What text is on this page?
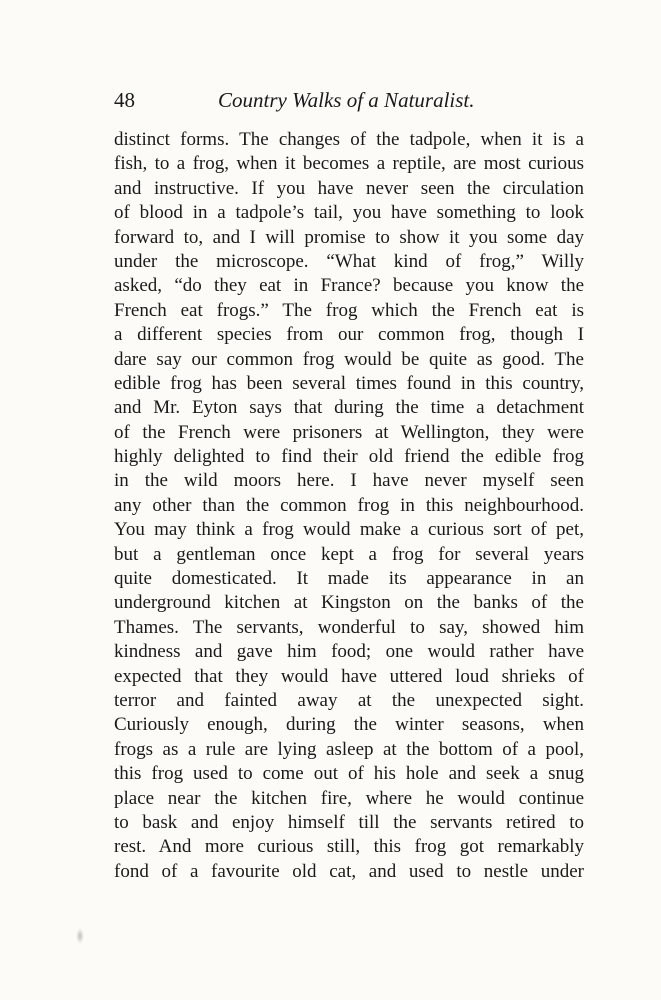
48	Country Walks of a Naturalist.
distinct forms. The changes of the tadpole, when it is a
fish, to a frog, when it becomes a reptile, are most curious
and instructive. If you have never seen the circulation
of blood in a tadpole’s tail, you have something to look
forward to, and I will promise to show it you some day
under the microscope. “What kind of frog,” Willy
asked, “do they eat in France? because you know the
French eat frogs.” The frog which the French eat is
a different species from our common frog, though I
dare say our common frog would be quite as good. The
edible frog has been several times found in this country,
and Mr. Eyton says that during the time a detachment
of the French were prisoners at Wellington, they were
highly delighted to find their old friend the edible frog
in the wild moors here. I have never myself seen
any other than the common frog in this neighbourhood.
You may think a frog would make a curious sort of pet,
but a gentleman once kept a frog for several years
quite domesticated. It made its appearance in an
underground kitchen at Kingston on the banks of the
Thames. The servants, wonderful to say, showed him
kindness and gave him food; one would rather have
expected that they would have uttered loud shrieks of
terror and fainted away at the unexpected sight.
Curiously enough, during the winter seasons, when
frogs as a rule are lying asleep at the bottom of a pool,
this frog used to come out of his hole and seek a snug
place near the kitchen fire, where he would continue
to bask and enjoy himself till the servants retired to
rest. And more curious still, this frog got remarkably
fond of a favourite old cat, and used to nestle under
